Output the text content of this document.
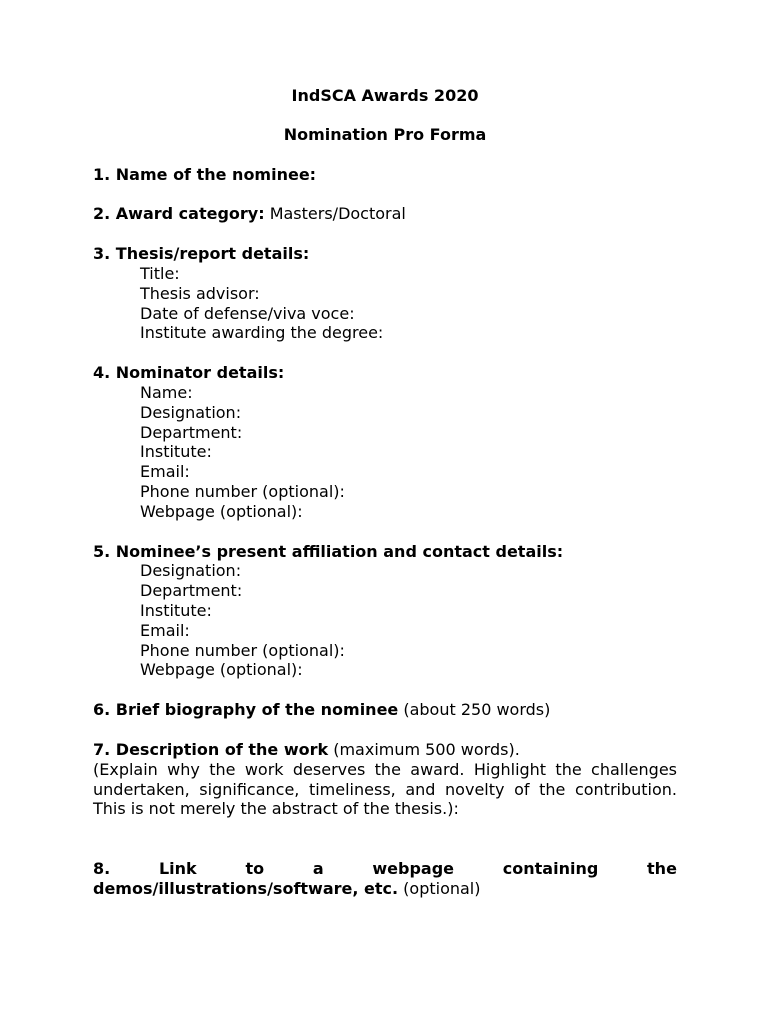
IndSCA Awards 2020
Nomination Pro Forma
1. Name of the nominee:
2. Award category: Masters/Doctoral
3. Thesis/report details:
Title:
Thesis advisor:
Date of defense/viva voce:
Institute awarding the degree:
4. Nominator details:
Name:
Designation:
Department:
Institute:
Email:
Phone number (optional):
Webpage (optional):
5. Nominee’s present affiliation and contact details:
Designation:
Department:
Institute:
Email:
Phone number (optional):
Webpage (optional):
6. Brief biography of the nominee (about 250 words)
7. Description of the work (maximum 500 words).
(Explain why the work deserves the award. Highlight the challenges undertaken, significance, timeliness, and novelty of the contribution. This is not merely the abstract of the thesis.):
8.	Link	to	a	webpage	containing	the
demos/illustrations/software, etc. (optional)
